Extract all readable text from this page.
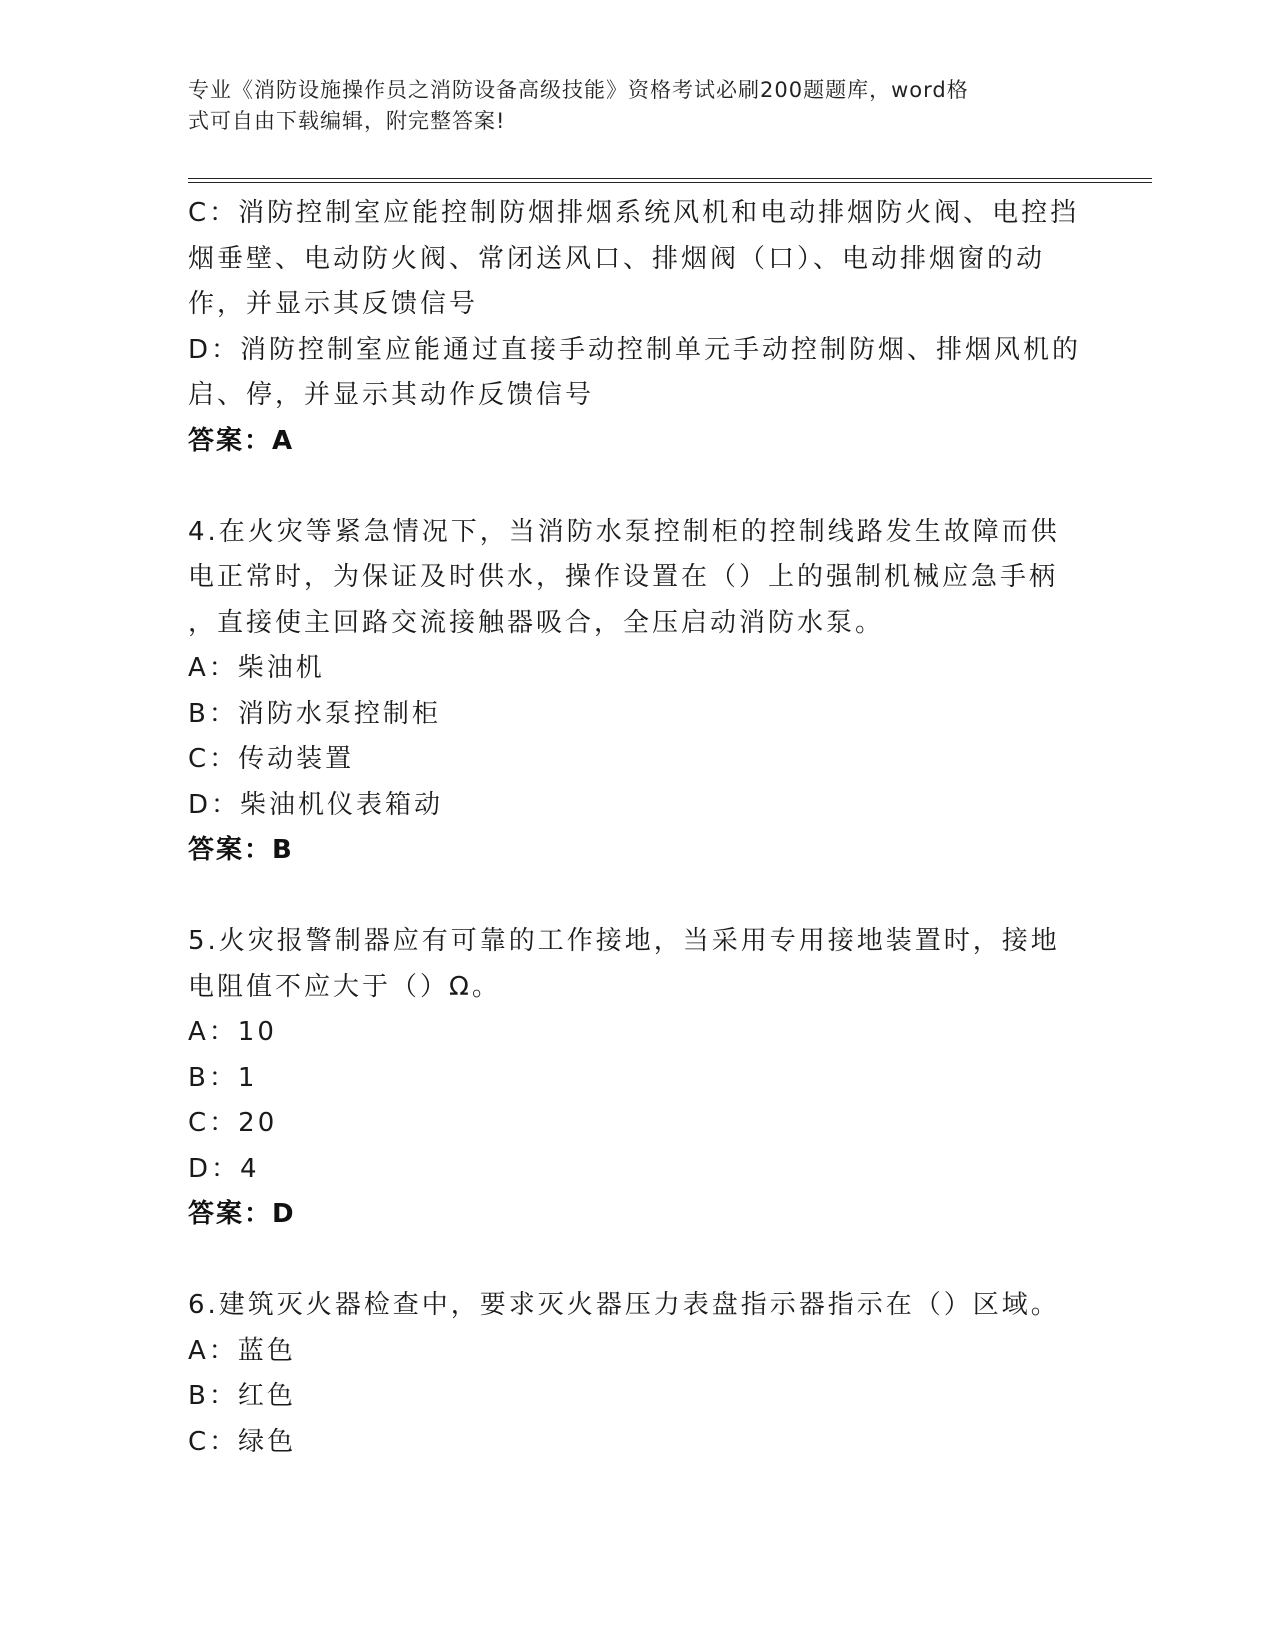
专业《消防设施操作员之消防设备高级技能》资格考试必刷200题题库，word格
式可自由下载编辑，附完整答案!
C：消防控制室应能控制防烟排烟系统风机和电动排烟防火阀、电控挡
烟垂壁、电动防火阀、常闭送风口、排烟阀（口）、电动排烟窗的动
作，并显示其反馈信号
D：消防控制室应能通过直接手动控制单元手动控制防烟、排烟风机的
启、停，并显示其动作反馈信号
答案：A
4.在火灾等紧急情况下，当消防水泵控制柜的控制线路发生故障而供
电正常时，为保证及时供水，操作设置在（）上的强制机械应急手柄
，直接使主回路交流接触器吸合，全压启动消防水泵。
A：柴油机
B：消防水泵控制柜
C：传动装置
D：柴油机仪表箱动
答案：B
5.火灾报警制器应有可靠的工作接地，当采用专用接地装置时，接地
电阻值不应大于（）Ω。
A：10
B：1
C：20
D：4
答案：D
6.建筑灭火器检查中，要求灭火器压力表盘指示器指示在（）区域。
A：蓝色
B：红色
C：绿色
